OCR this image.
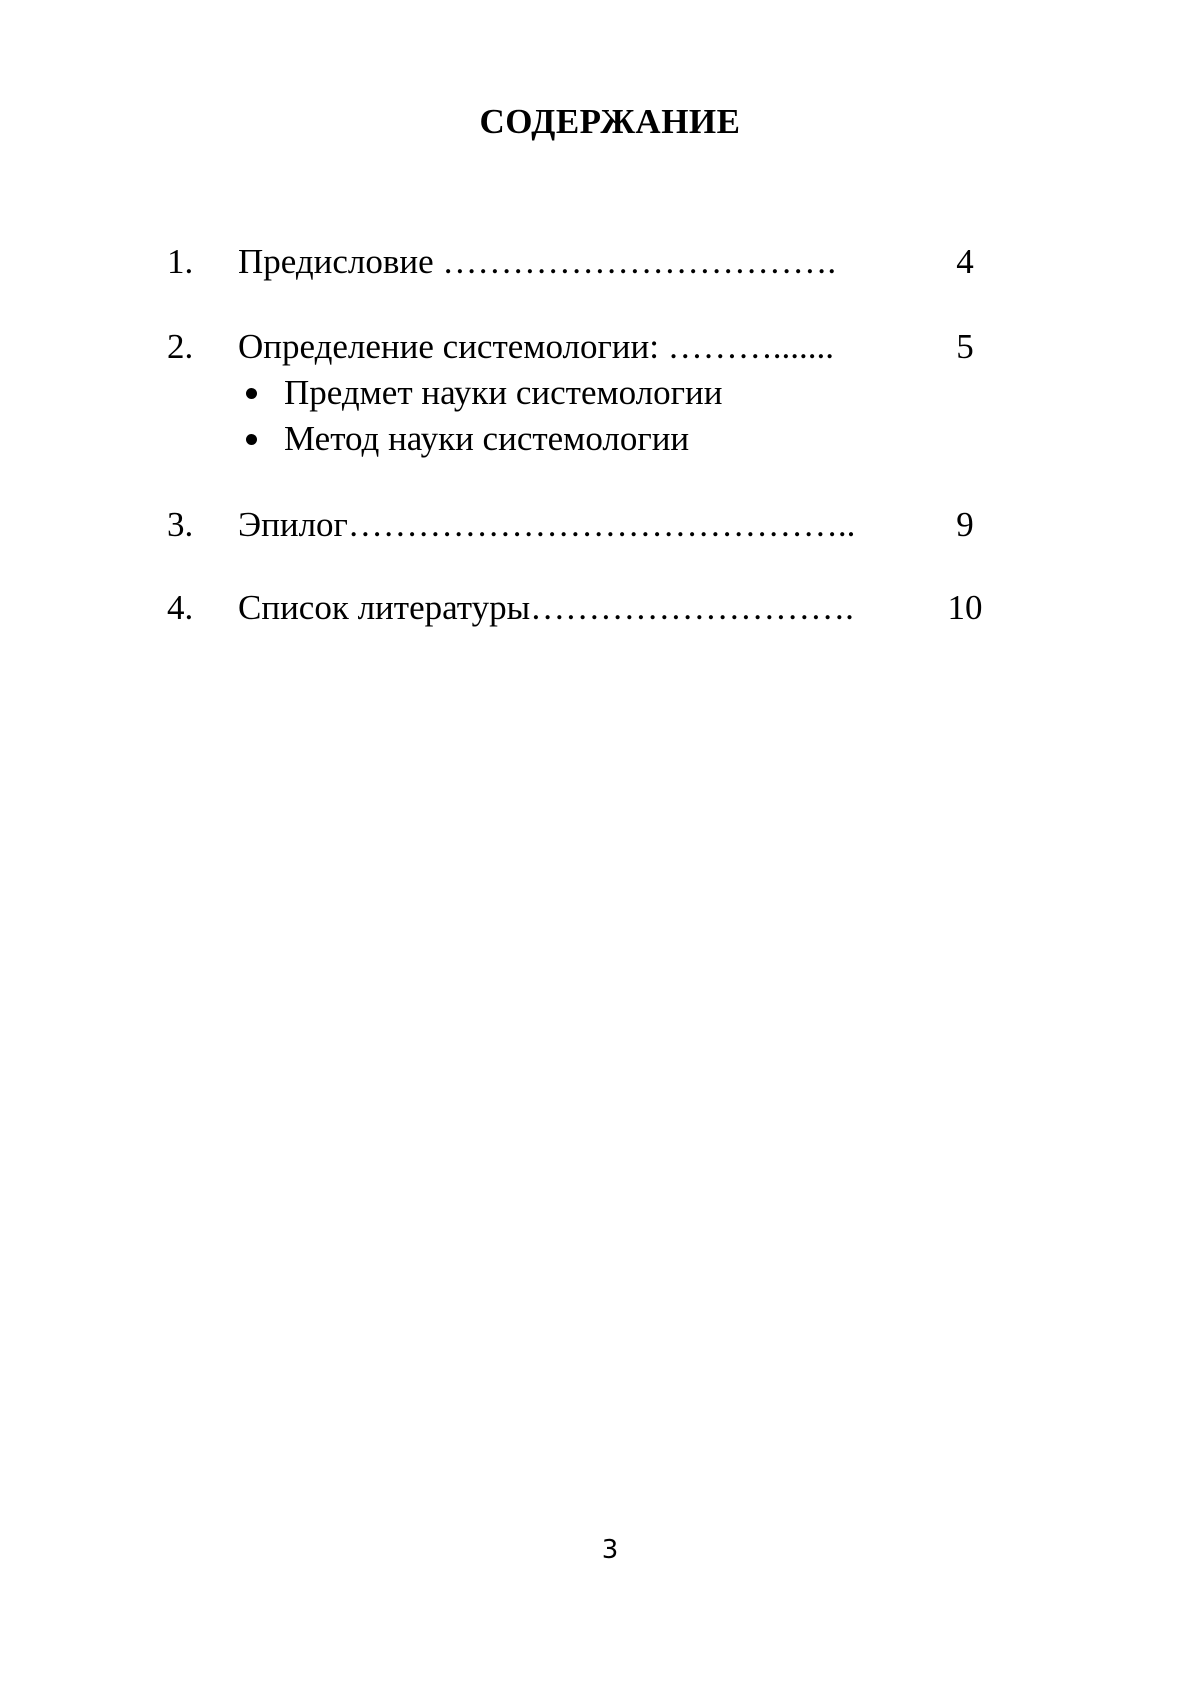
СОДЕРЖАНИЕ
1. Предисловие …………………………….	4
2. Определение системологии: ……….......	5
Предмет науки системологии
Метод науки системологии
3. Эпилог……………………………………..	9
4. Список литературы……………………….	10
3
